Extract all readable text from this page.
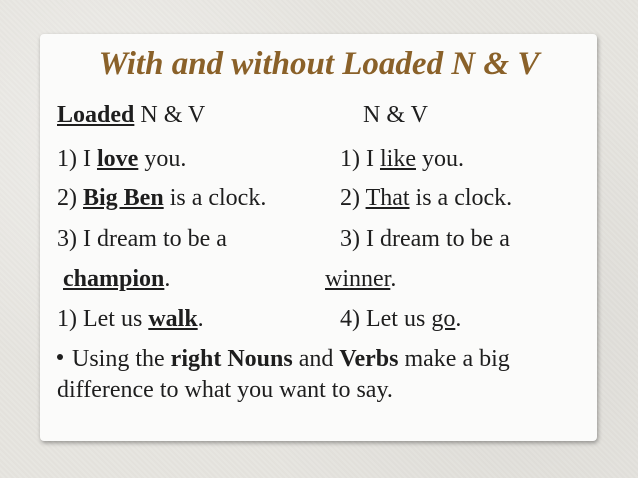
With and without Loaded N & V
Loaded N & V
1) I love you.
2) Big Ben is a clock.
3) I dream to be a
champion.
1) Let us walk.
N & V
1) I like you.
2) That is a clock.
3) I dream to be a
winner.
4) Let us go.
Using the right Nouns and Verbs make a big
difference to what you want to say.
